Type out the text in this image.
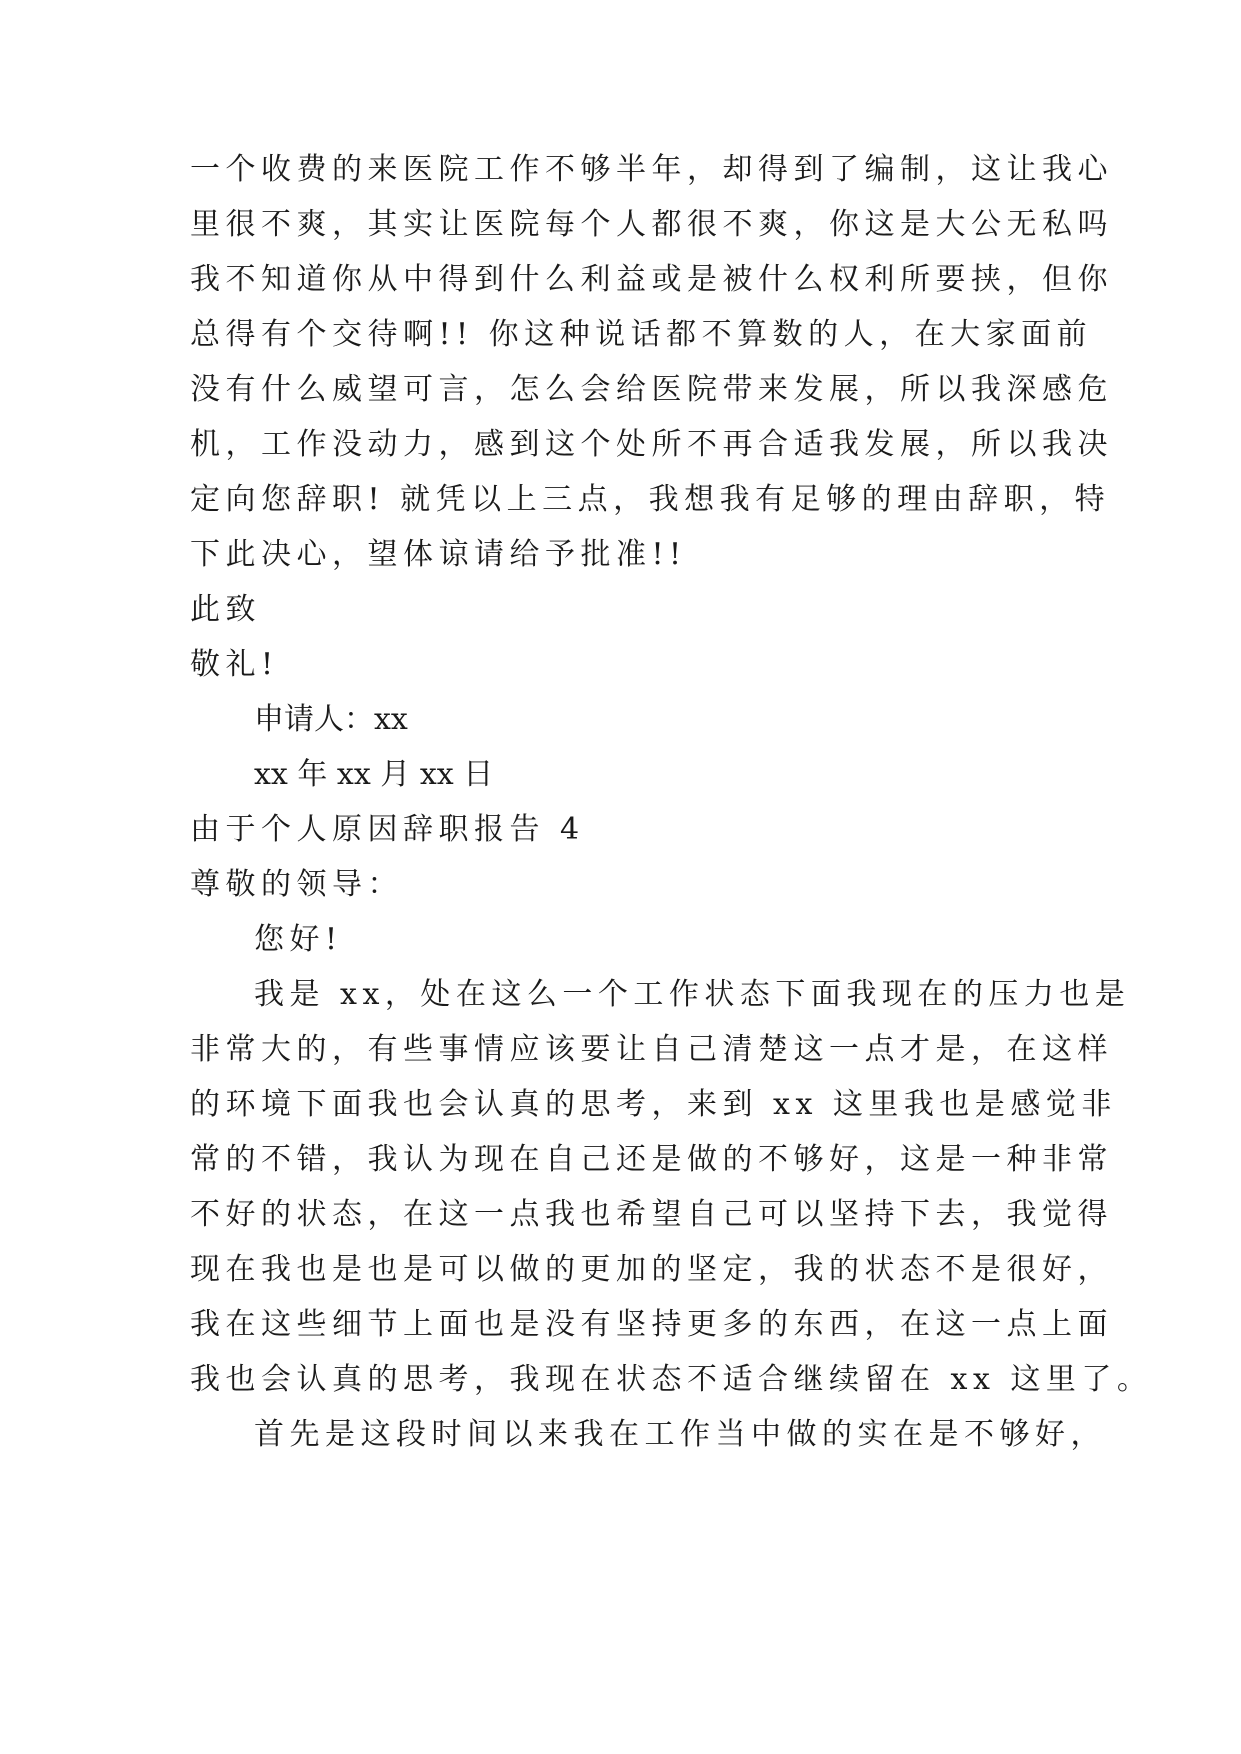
一个收费的来医院工作不够半年，却得到了编制，这让我心
里很不爽，其实让医院每个人都很不爽，你这是大公无私吗
我不知道你从中得到什么利益或是被什么权利所要挟，但你
总得有个交待啊!! 你这种说话都不算数的人，在大家面前
没有什么威望可言，怎么会给医院带来发展，所以我深感危
机，工作没动力，感到这个处所不再合适我发展，所以我决
定向您辞职! 就凭以上三点，我想我有足够的理由辞职，特
下此决心，望体谅请给予批准!!
此致
敬礼!
申请人：xx
xx 年 xx 月 xx 日
由于个人原因辞职报告 4
尊敬的领导：
您好!
我是 xx，处在这么一个工作状态下面我现在的压力也是
非常大的，有些事情应该要让自己清楚这一点才是，在这样
的环境下面我也会认真的思考，来到 xx 这里我也是感觉非
常的不错，我认为现在自己还是做的不够好，这是一种非常
不好的状态，在这一点我也希望自己可以坚持下去，我觉得
现在我也是也是可以做的更加的坚定，我的状态不是很好，
我在这些细节上面也是没有坚持更多的东西，在这一点上面
我也会认真的思考，我现在状态不适合继续留在 xx 这里了。
首先是这段时间以来我在工作当中做的实在是不够好，
